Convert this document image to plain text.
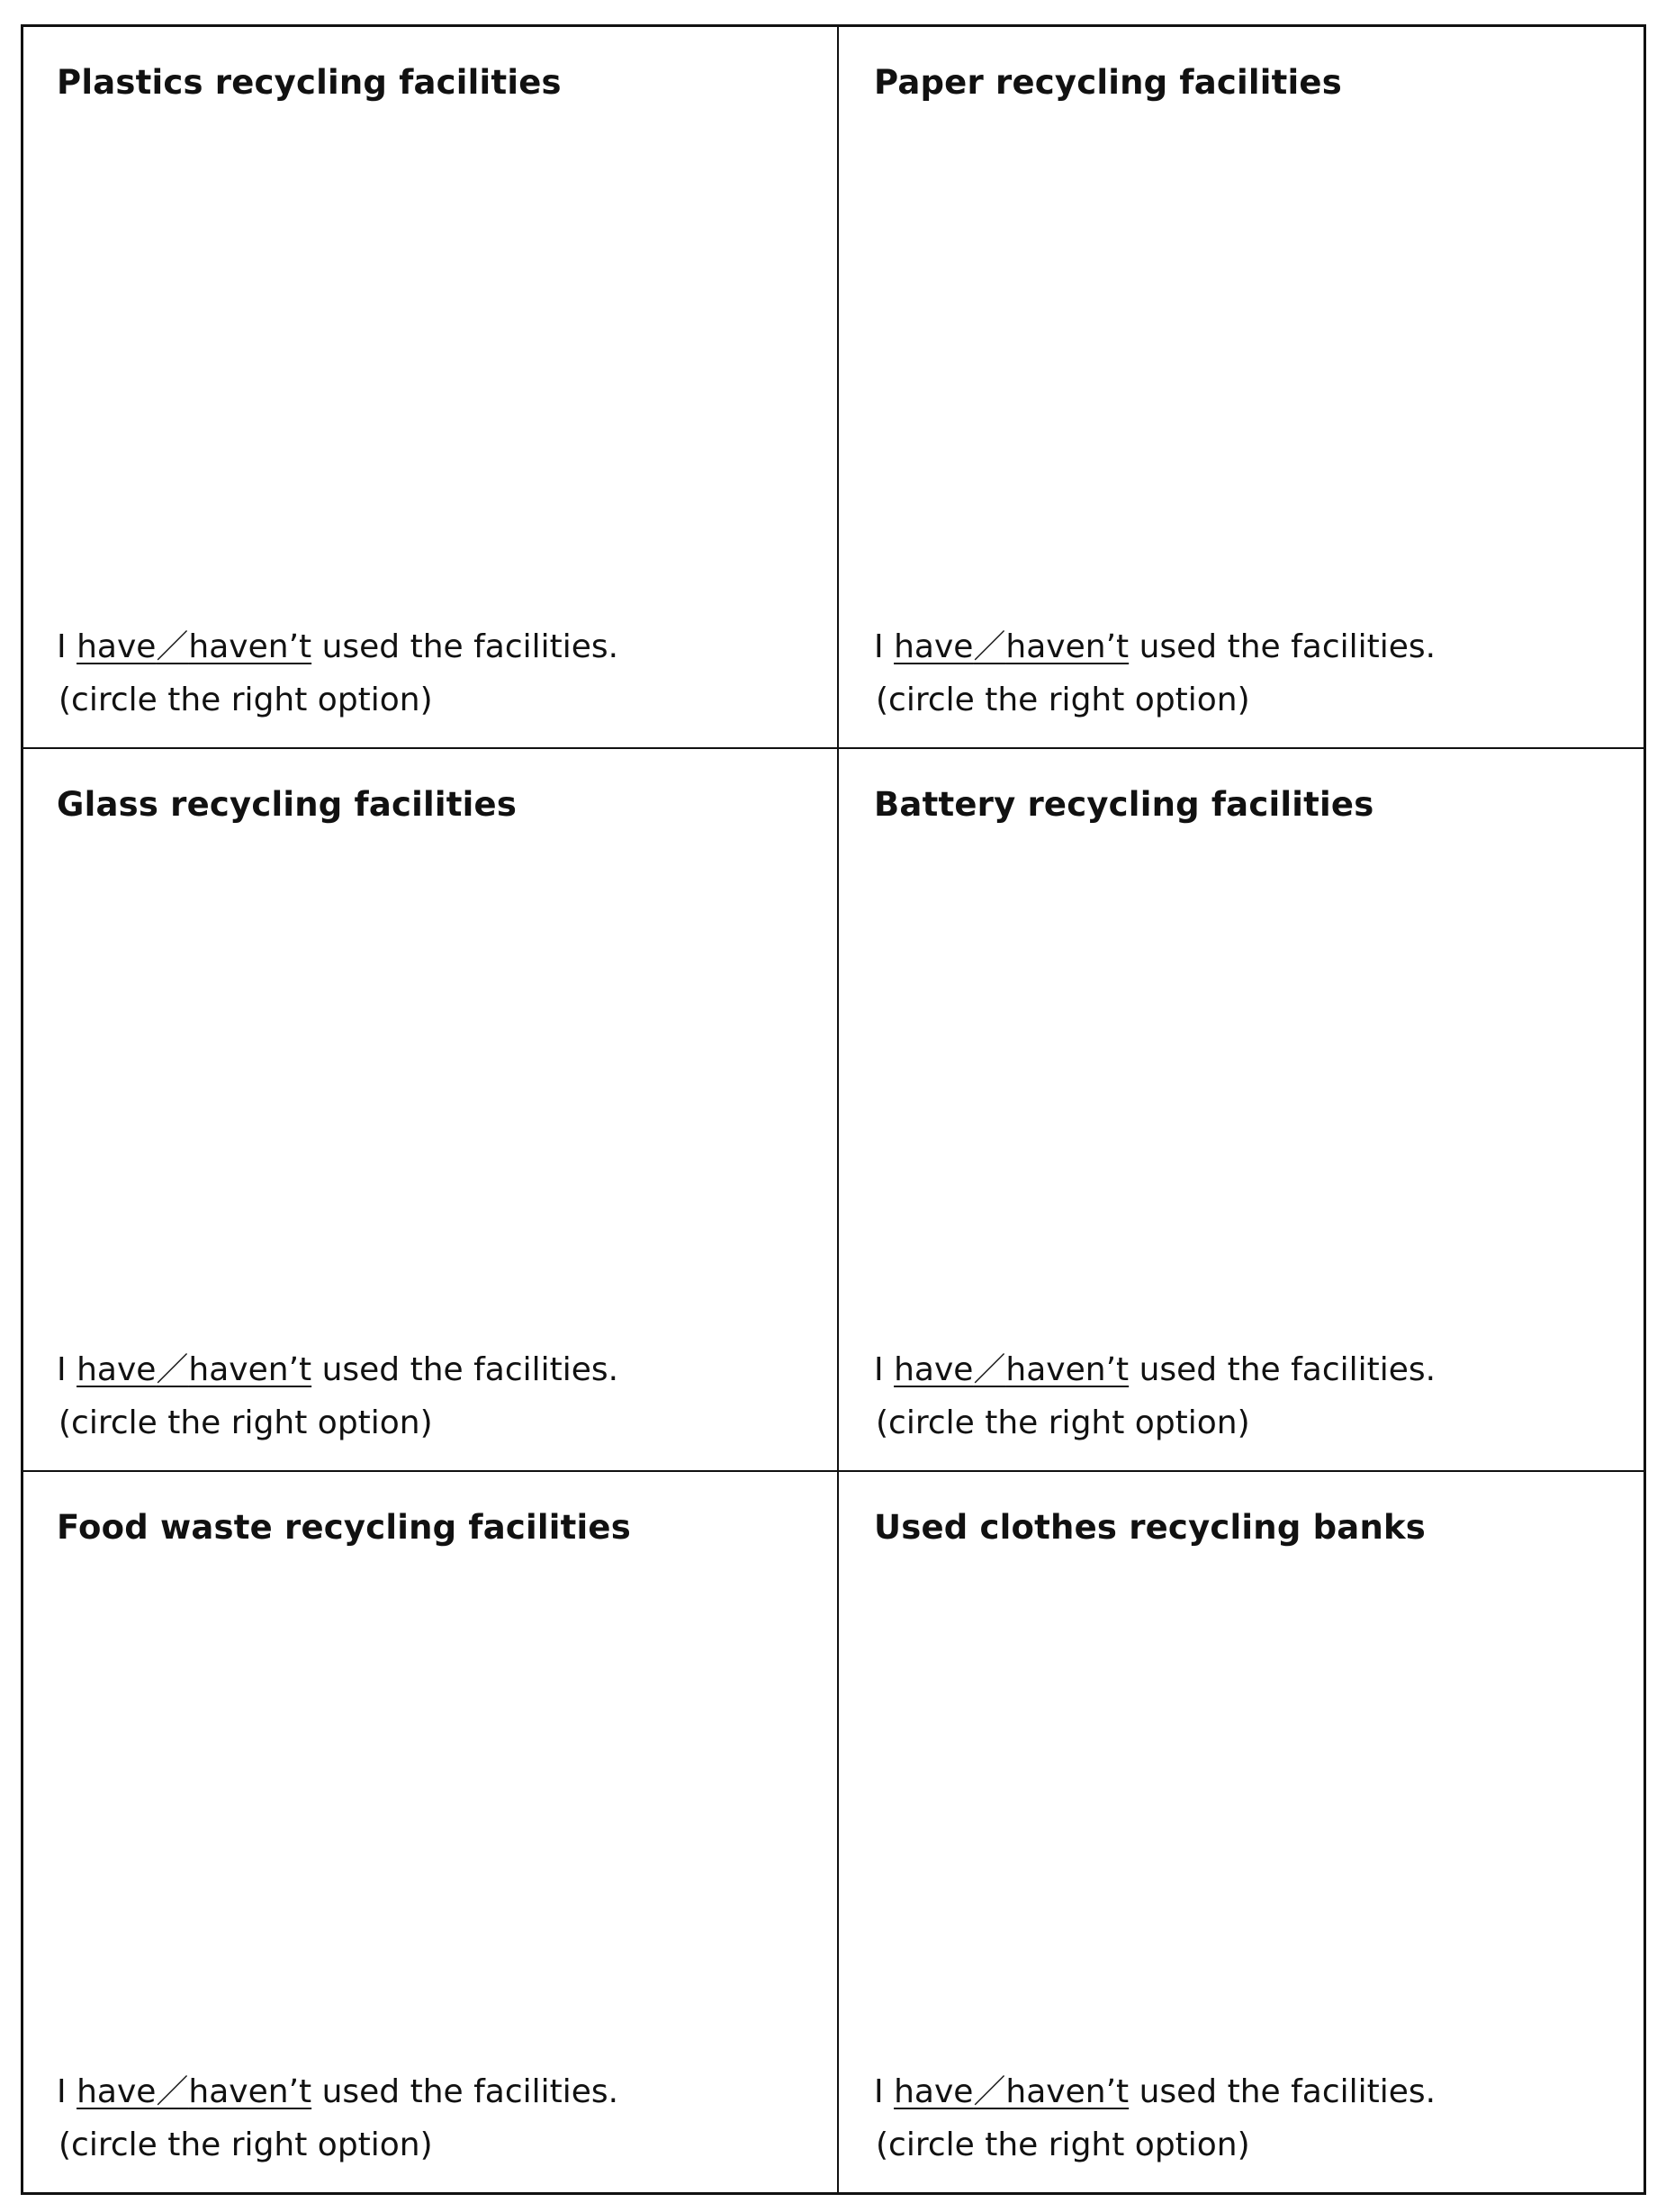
Plastics recycling facilities

I have／haven’t used the facilities.

(circle the right option)

Paper recycling facilities

I have／haven’t used the facilities.

(circle the right option)

Glass recycling facilities

I have／haven’t used the facilities.

(circle the right option)

Battery recycling facilities

I have／haven’t used the facilities.

(circle the right option)

Food waste recycling facilities

I have／haven’t used the facilities.

(circle the right option)

Used clothes recycling banks

I have／haven’t used the facilities.

(circle the right option)
